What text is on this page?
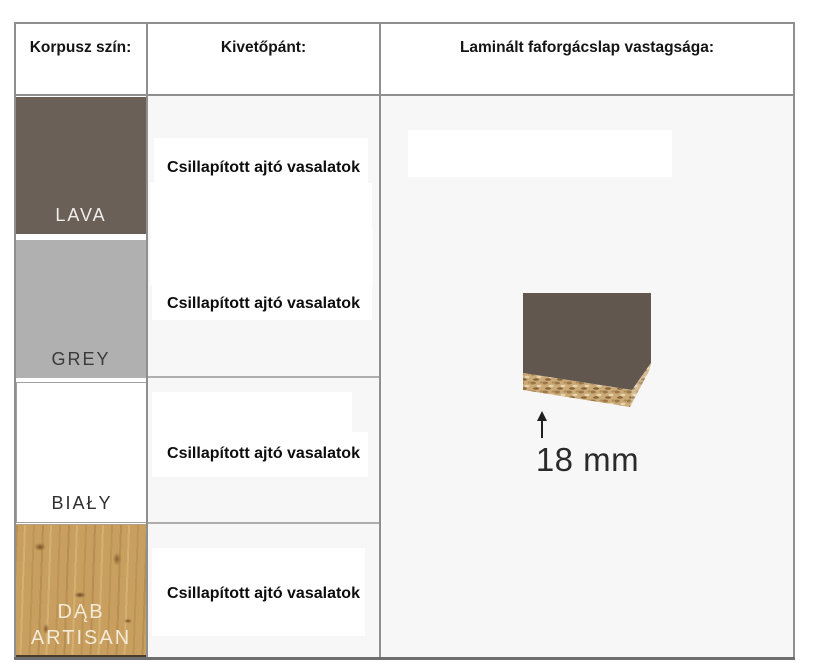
LAVA
GREY
BIAŁY
DĄB ARTISAN
Csillapított ajtó vasalatok
Csillapított ajtó vasalatok
Csillapított ajtó vasalatok
Csillapított ajtó vasalatok
Korpusz szín:	Kivetőpánt:	Laminált faforgácslap vastagsága:
18 mm
